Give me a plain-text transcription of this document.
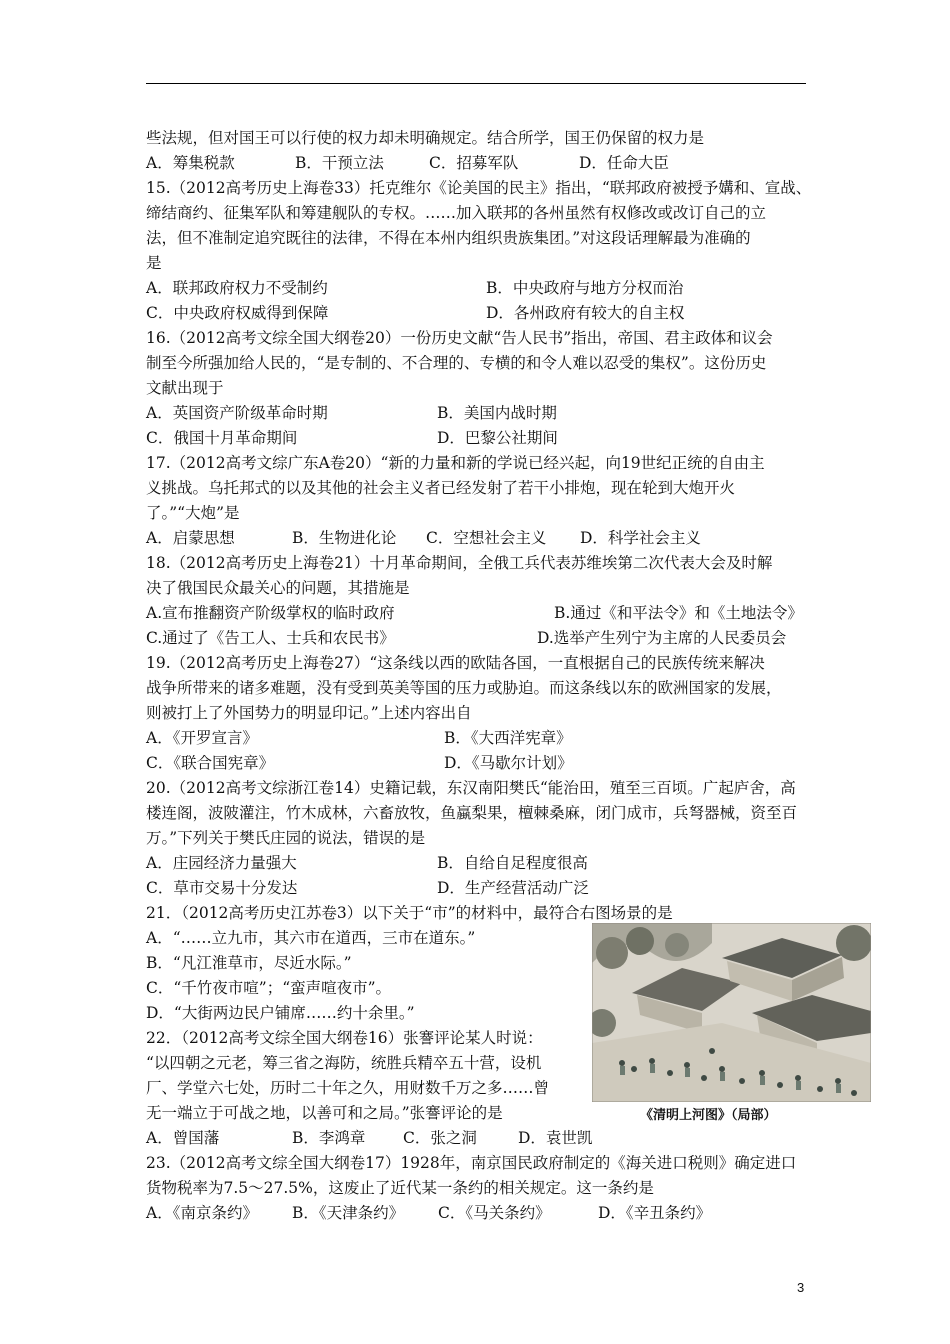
些法规，但对国王可以行使的权力却未明确规定。结合所学，国王仍保留的权力是
A．筹集税款	B．干预立法	C．招募军队	D．任命大臣
15.（2012高考历史上海卷33）托克维尔《论美国的民主》指出，“联邦政府被授予媾和、宣战、
缔结商约、征集军队和筹建舰队的专权。……加入联邦的各州虽然有权修改或改订自己的立
法，但不准制定追究既往的法律，不得在本州内组织贵族集团。”对这段话理解最为准确的
是
A．联邦政府权力不受制约	B．中央政府与地方分权而治
C．中央政府权威得到保障	D．各州政府有较大的自主权
16.（2012高考文综全国大纲卷20）一份历史文献“告人民书”指出，帝国、君主政体和议会
制至今所强加给人民的，“是专制的、不合理的、专横的和令人难以忍受的集权”。这份历史
文献出现于
A．英国资产阶级革命时期	B．美国内战时期
C．俄国十月革命期间	D．巴黎公社期间
17.（2012高考文综广东A卷20）“新的力量和新的学说已经兴起，向19世纪正统的自由主
义挑战。乌托邦式的以及其他的社会主义者已经发射了若干小排炮，现在轮到大炮开火
了。”“大炮”是
A．启蒙思想	B．生物进化论 C．空想社会主义 D．科学社会主义
18.（2012高考历史上海卷21）十月革命期间，全俄工兵代表苏维埃第二次代表大会及时解
决了俄国民众最关心的问题，其措施是
A.宣布推翻资产阶级掌权的临时政府	B.通过《和平法令》和《土地法令》
C.通过了《告工人、士兵和农民书》	D.选举产生列宁为主席的人民委员会
19.（2012高考历史上海卷27）“这条线以西的欧陆各国，一直根据自己的民族传统来解决
战争所带来的诸多难题，没有受到英美等国的压力或胁迫。而这条线以东的欧洲国家的发展，
则被打上了外国势力的明显印记。”上述内容出自
A．《开罗宣言》	B．《大西洋宪章》
C．《联合国宪章》	D．《马歇尔计划》
20.（2012高考文综浙江卷14）史籍记载，东汉南阳樊氏“能治田，殖至三百顷。广起庐舍，高
楼连阁，波陂灌注，竹木成林，六畜放牧，鱼蠃梨果，檀棘桑麻，闭门成市，兵弩器械，资至百
万。”下列关于樊氏庄园的说法，错误的是
A．庄园经济力量强大	B．自给自足程度很高
C．草市交易十分发达	D．生产经营活动广泛
21．（2012高考历史江苏卷3）以下关于“市”的材料中，最符合右图场景的是
A．“……立九市，其六市在道西，三市在道东。”
B．“凡江淮草市，尽近水际。”
C．“千竹夜市喧”；“蛮声喧夜市”。
D．“大街两边民户铺席……约十余里。”
22．（2012高考文综全国大纲卷16）张謇评论某人时说：
“以四朝之元老，筹三省之海防，统胜兵精卒五十营，设机
厂、学堂六七处，历时二十年之久，用财数千万之多……曾
无一端立于可战之地，以善可和之局。”张謇评论的是
A．曾国藩	B．李鸿章 C．张之洞	D．袁世凯
23.（2012高考文综全国大纲卷17）1928年，南京国民政府制定的《海关进口税则》确定进口
货物税率为7.5～27.5%，这废止了近代某一条约的相关规定。这一条约是
A．《南京条约》 B．《天津条约》 C．《马关条约》	D．《辛丑条约》
《清明上河图》（局部）
3
